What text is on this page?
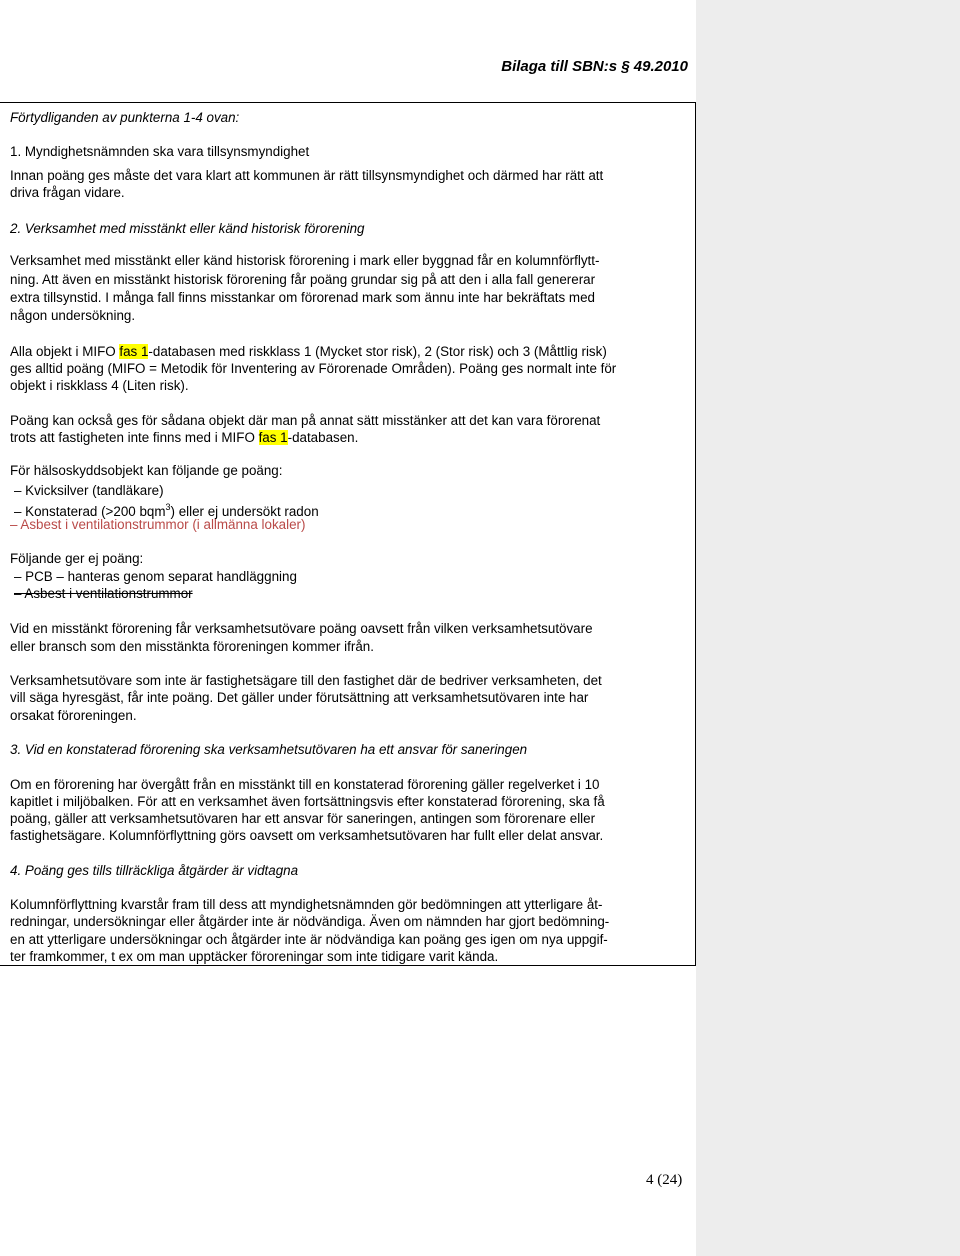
Bilaga till SBN:s § 49.2010

Förtydliganden av punkterna 1-4 ovan:

1. Myndighetsnämnden ska vara tillsynsmyndighet

Innan poäng ges måste det vara klart att kommunen är rätt tillsynsmyndighet och därmed har rätt att

driva frågan vidare.

2. Verksamhet med misstänkt eller känd historisk förorening

Verksamhet med misstänkt eller känd historisk förorening i mark eller byggnad får en kolumnförflytt-

ning. Att även en misstänkt historisk förorening får poäng grundar sig på att den i alla fall genererar

extra tillsynstid. I många fall finns misstankar om förorenad mark som ännu inte har bekräftats med

någon undersökning.

Alla objekt i MIFO fas 1-databasen med riskklass 1 (Mycket stor risk), 2 (Stor risk) och 3 (Måttlig risk)

ges alltid poäng (MIFO = Metodik för Inventering av Förorenade Områden). Poäng ges normalt inte för

objekt i riskklass 4 (Liten risk).

Poäng kan också ges för sådana objekt där man på annat sätt misstänker att det kan vara förorenat

trots att fastigheten inte finns med i MIFO fas 1-databasen.

För hälsoskyddsobjekt kan följande ge poäng:

– Kvicksilver (tandläkare)

– Konstaterad (>200 bqm$^3$) eller ej undersökt radon

– Asbest i ventilationstrummor (i allmänna lokaler)

Följande ger ej poäng:

– PCB – hanteras genom separat handläggning

– Asbest i ventilationstrummor

Vid en misstänkt förorening får verksamhetsutövare poäng oavsett från vilken verksamhetsutövare

eller bransch som den misstänkta föroreningen kommer ifrån.

Verksamhetsutövare som inte är fastighetsägare till den fastighet där de bedriver verksamheten, det

vill säga hyresgäst, får inte poäng. Det gäller under förutsättning att verksamhetsutövaren inte har

orsakat föroreningen.

3. Vid en konstaterad förorening ska verksamhetsutövaren ha ett ansvar för saneringen

Om en förorening har övergått från en misstänkt till en konstaterad förorening gäller regelverket i 10

kapitlet i miljöbalken. För att en verksamhet även fortsättningsvis efter konstaterad förorening, ska få

poäng, gäller att verksamhetsutövaren har ett ansvar för saneringen, antingen som förorenare eller

fastighetsägare. Kolumnförflyttning görs oavsett om verksamhetsutövaren har fullt eller delat ansvar.

4. Poäng ges tills tillräckliga åtgärder är vidtagna

Kolumnförflyttning kvarstår fram till dess att myndighetsnämnden gör bedömningen att ytterligare åt-

redningar, undersökningar eller åtgärder inte är nödvändiga. Även om nämnden har gjort bedömning-

en att ytterligare undersökningar och åtgärder inte är nödvändiga kan poäng ges igen om nya uppgif-

ter framkommer, t ex om man upptäcker föroreningar som inte tidigare varit kända.

4 (24)
